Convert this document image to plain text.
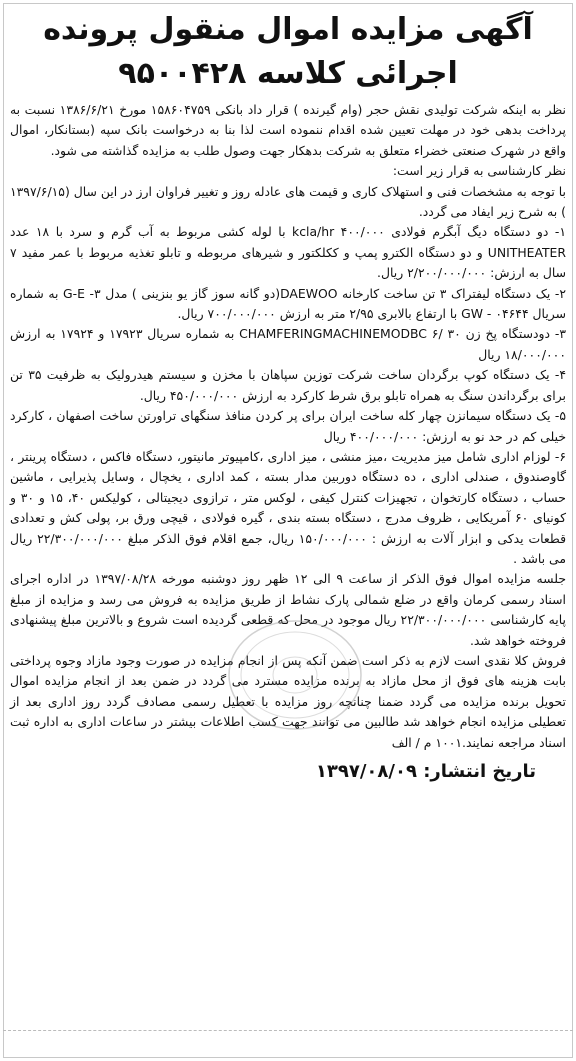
آگهی مزایده اموال منقول پرونده
اجرائی کلاسه ۹۵۰۰۴۲۸

نظر به اینکه شرکت تولیدی نقش حجر (وام گیرنده ) قرار داد بانکی ۱۵۸۶۰۴۷۵۹ مورخ ۱۳۸۶/۶/۲۱ نسبت به پرداخت بدهی خود در مهلت تعیین شده اقدام ننموده است لذا بنا به درخواست بانک سپه (بستانکار، اموال واقع در شهرک صنعتی خضراء متعلق به شرکت بدهکار جهت وصول طلب به مزایده گذاشته می شود.

نظر کارشناسی به قرار زیر است:

با توجه به مشخصات فنی و استهلاک کاری و قیمت های عادله روز و تغییر فراوان ارز در این سال (۱۳۹۷/۶/۱۵ ) به شرح زیر ایفاد می گردد.

۱- دو دستگاه دیگ آبگرم فولادی kcla/hr ۴۰۰/۰۰۰ با لوله کشی مربوط به آب گرم و سرد با ۱۸ عدد UNITHEATER و دو دستگاه الکترو پمپ و ککلکتور و شیرهای مربوطه و تابلو تغذیه مربوط با عمر مفید ۷ سال به ارزش: ۲/۲۰۰/۰۰۰/۰۰۰ ریال.

۲- یک دستگاه لیفتراک ۳ تن ساخت کارخانه DAEWOO(دو گانه سوز گاز یو بنزینی ) مدل ۳- G-E به شماره سریال ۰۴۶۴۴ - GW با ارتفاع بالابری ۲/۹۵ متر به ارزش ۷۰۰/۰۰۰/۰۰۰ ریال.

۳- دودستگاه پخ زن ۳۰ /۶ CHAMFERINGMACHINEMODBC به شماره سریال ۱۷۹۲۳ و ۱۷۹۲۴ به ارزش ۱۸/۰۰۰/۰۰۰ ریال

۴- یک دستگاه کوپ برگردان ساخت شرکت توزین سپاهان با مخزن و سیستم هیدرولیک به ظرفیت ۳۵ تن برای برگرداندن سنگ به همراه تابلو برق شرط کارکرد به ارزش ۴۵۰/۰۰۰/۰۰۰ ریال.

۵- یک دستگاه سیمانزن چهار کله ساخت ایران برای پر کردن منافذ سنگهای تراورتن ساخت اصفهان ، کارکرد خیلی کم در حد نو به ارزش: ۴۰۰/۰۰۰/۰۰۰ ریال

۶- لوزام اداری شامل میز مدیریت ،میز منشی ، میز اداری ،کامپیوتر مانیتور، دستگاه فاکس ، دستگاه پرینتر ، گاوصندوق ، صندلی اداری ، ده دستگاه دوربین مدار بسته ، کمد اداری ، یخچال ، وسایل پذیرایی ، ماشین حساب ، دستگاه کارتخوان ، تجهیزات کنترل کیفی ، لوکس متر ، ترازوی دیجیتالی ، کولیکس ۴۰، ۱۵ و ۳۰ و کونیای ۶۰ آمریکایی ، ظروف مدرج ، دستگاه بسته بندی ، گیره فولادی ، قیچی ورق بر، پولی کش و تعدادی قطعات یدکی و ابزار آلات به ارزش : ۱۵۰/۰۰۰/۰۰۰ ریال، جمع اقلام فوق الذکر مبلغ ۲۲/۳۰۰/۰۰۰/۰۰۰ ریال می باشد .

جلسه مزایده اموال فوق الذکر از ساعت ۹ الی ۱۲ ظهر روز دوشنبه مورخه ۱۳۹۷/۰۸/۲۸ در اداره اجرای اسناد رسمی کرمان واقع در ضلع شمالی پارک نشاط از طریق مزایده به فروش می رسد و مزایده از مبلغ پایه کارشناسی ۲۲/۳۰۰/۰۰۰/۰۰۰ ریال موجود در محل که قطعی گردیده است شروع و بالاترین مبلغ پیشنهادی فروخته خواهد شد.

فروش کلا نقدی است لازم به ذکر است ضمن آنکه پس از انجام مزایده در صورت وجود مازاد وجوه پرداختی بابت هزینه های فوق از محل مازاد به برنده مزایده مسترد می گردد در ضمن بعد از انجام مزایده اموال تحویل برنده مزایده می گردد ضمنا چنانچه روز مزایده با تعطیل رسمی مصادف گردد روز اداری بعد از تعطیلی مزایده انجام خواهد شد طالبین می توانند جهت کسب اطلاعات بیشتر در ساعات اداری به اداره ثبت اسناد مراجعه نمایند.۱۰۰۱ م / الف

تاریخ انتشار: ۱۳۹۷/۰۸/۰۹
